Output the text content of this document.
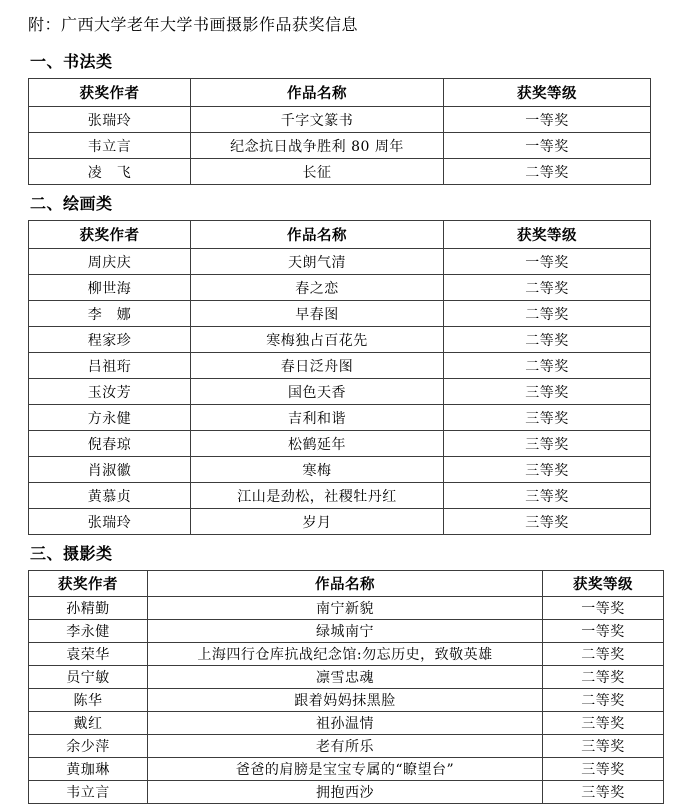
附：广西大学老年大学书画摄影作品获奖信息

一、书法类
获奖作者	作品名称	获奖等级
张瑞玲	千字文篆书	一等奖
韦立言	纪念抗日战争胜利 80 周年	一等奖
凌　飞	长征	二等奖
二、绘画类
获奖作者	作品名称	获奖等级
周庆庆	天朗气清	一等奖
柳世海	春之恋	二等奖
李　娜	早春图	二等奖
程家珍	寒梅独占百花先	二等奖
吕祖珩	春日泛舟图	二等奖
玉汝芳	国色天香	三等奖
方永健	吉利和谐	三等奖
倪春琼	松鹤延年	三等奖
肖淑徽	寒梅	三等奖
黄慕贞	江山是劲松，社稷牡丹红	三等奖
张瑞玲	岁月	三等奖
三、摄影类
获奖作者	作品名称	获奖等级
孙精勤	南宁新貌	一等奖
李永健	绿城南宁	一等奖
袁荣华	上海四行仓库抗战纪念馆:勿忘历史，致敬英雄	二等奖
员宁敏	凛雪忠魂	二等奖
陈华	跟着妈妈抹黑脸	二等奖
戴红	祖孙温情	三等奖
余少萍	老有所乐	三等奖
黄珈琳	爸爸的肩膀是宝宝专属的“瞭望台”	三等奖
韦立言	拥抱西沙	三等奖
